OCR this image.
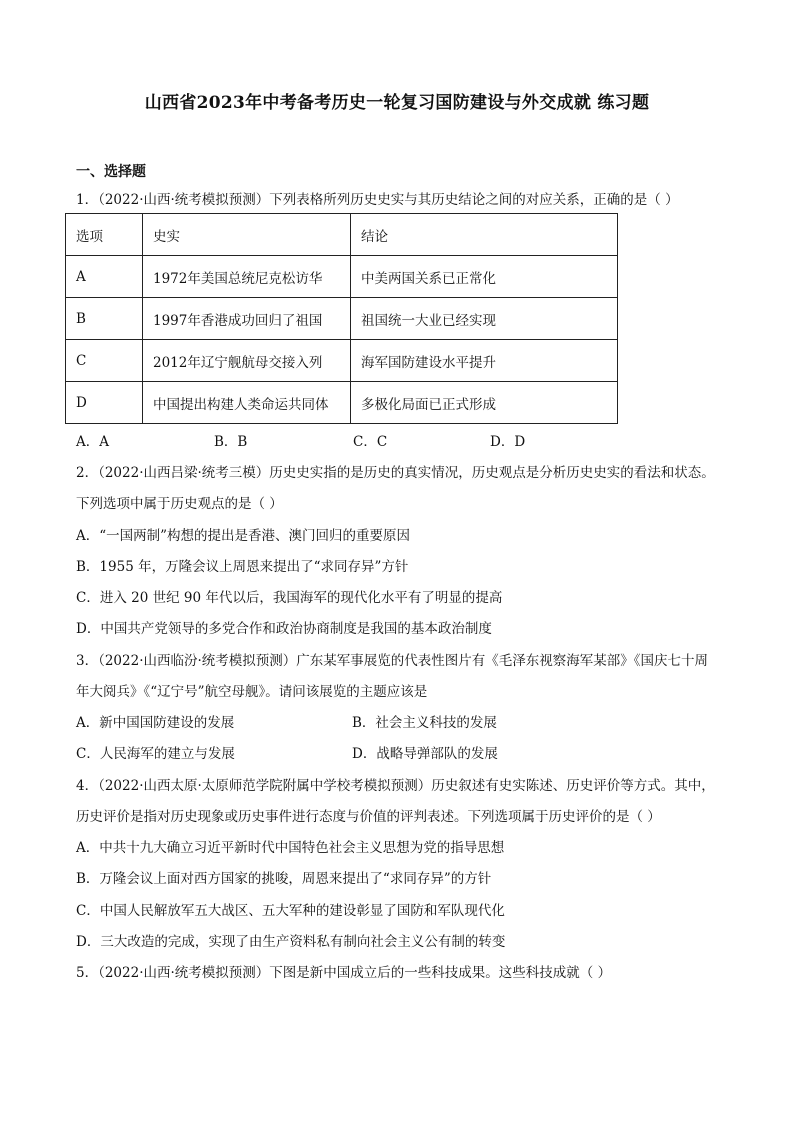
山西省2023年中考备考历史一轮复习国防建设与外交成就 练习题
一、选择题
1．（2022·山西·统考模拟预测）下列表格所列历史史实与其历史结论之间的对应关系，正确的是（ ）
选项	史实	结论
A	1972年美国总统尼克松访华	中美两国关系已正常化
B	1997年香港成功回归了祖国	祖国统一大业已经实现
C	2012年辽宁舰航母交接入列	海军国防建设水平提升
D	中国提出构建人类命运共同体	多极化局面已正式形成
A．A	B．B	C．C	D．D
2．（2022·山西吕梁·统考三模）历史史实指的是历史的真实情况，历史观点是分析历史史实的看法和状态。
下列选项中属于历史观点的是（ ）
A．“一国两制”构想的提出是香港、澳门回归的重要原因
B．1955 年，万隆会议上周恩来提出了“求同存异”方针
C．进入 20 世纪 90 年代以后，我国海军的现代化水平有了明显的提高
D．中国共产党领导的多党合作和政治协商制度是我国的基本政治制度
3．（2022·山西临汾·统考模拟预测）广东某军事展览的代表性图片有《毛泽东视察海军某部》《国庆七十周
年大阅兵》《“辽宁号”航空母舰》。请问该展览的主题应该是
A．新中国国防建设的发展	B．社会主义科技的发展
C．人民海军的建立与发展	D．战略导弹部队的发展
4．（2022·山西太原·太原师范学院附属中学校考模拟预测）历史叙述有史实陈述、历史评价等方式。其中，
历史评价是指对历史现象或历史事件进行态度与价值的评判表述。下列选项属于历史评价的是（ ）
A．中共十九大确立习近平新时代中国特色社会主义思想为党的指导思想
B．万隆会议上面对西方国家的挑唆，周恩来提出了“求同存异”的方针
C．中国人民解放军五大战区、五大军种的建设彰显了国防和军队现代化
D．三大改造的完成，实现了由生产资料私有制向社会主义公有制的转变
5．（2022·山西·统考模拟预测）下图是新中国成立后的一些科技成果。这些科技成就（ ）
